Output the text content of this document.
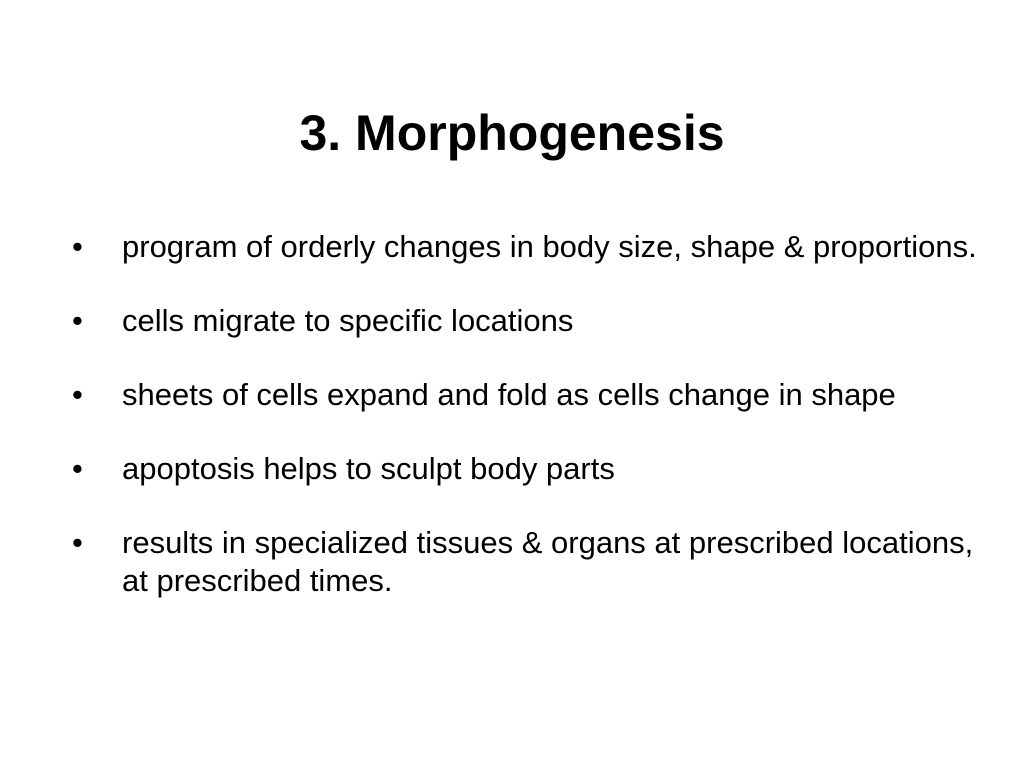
3. Morphogenesis
•	program of orderly changes in body size, shape & proportions.
•	cells migrate to specific locations
•	sheets of cells expand and fold as cells change in shape
•	apoptosis helps to sculpt body parts
•	results in specialized tissues & organs at prescribed locations, at prescribed times.
